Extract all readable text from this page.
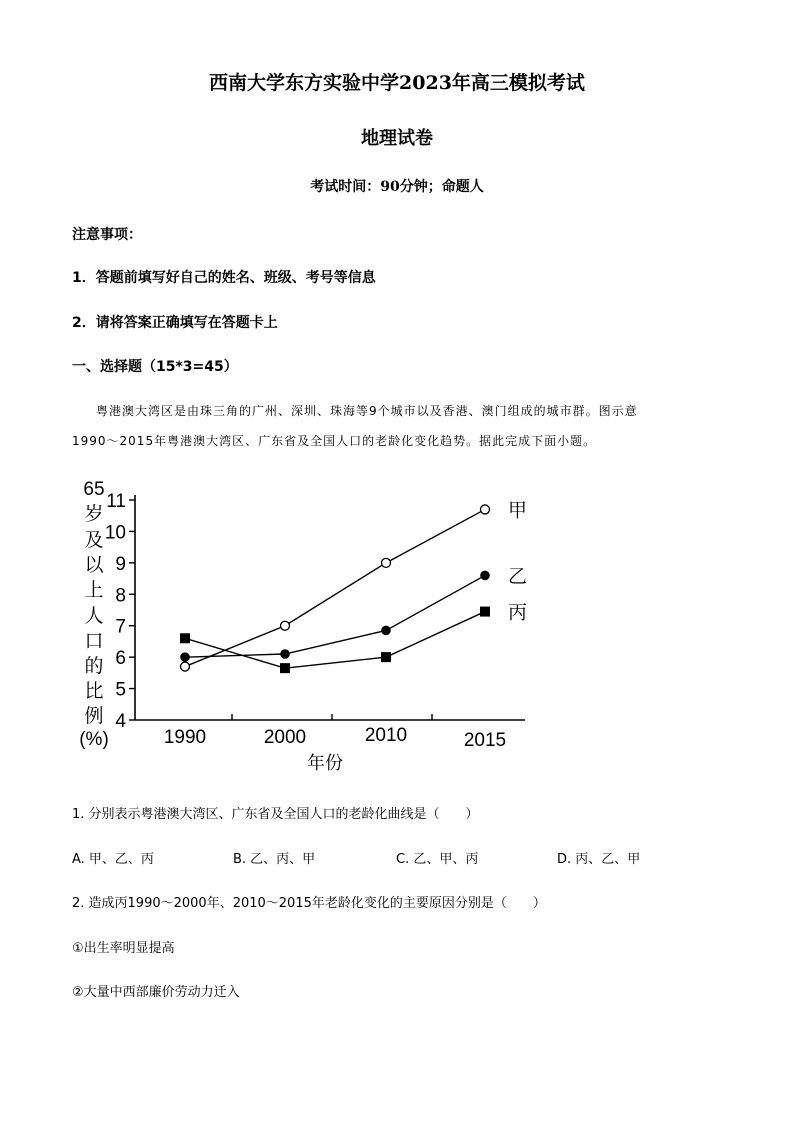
西南大学东方实验中学2023年高三模拟考试
地理试卷
考试时间：90分钟；命题人
注意事项：
1．答题前填写好自己的姓名、班级、考号等信息
2．请将答案正确填写在答题卡上
一、选择题（15*3=45）
粤港澳大湾区是由珠三角的广州、深圳、珠海等9个城市以及香港、澳门组成的城市群。图示意
1990～2015年粤港澳大湾区、广东省及全国人口的老龄化变化趋势。据此完成下面小题。
65
岁
及
以
上
人
口
的
比
例
(%)
4
5
6
7
8
9
10
11
1990	2000	2010	2015
年份
甲
乙
丙
1. 分别表示粤港澳大湾区、广东省及全国人口的老龄化曲线是（　　）
A. 甲、乙、丙	B. 乙、丙、甲	C. 乙、甲、丙	D. 丙、乙、甲
2. 造成丙1990～2000年、2010～2015年老龄化变化的主要原因分别是（　　）
①出生率明显提高
②大量中西部廉价劳动力迁入
